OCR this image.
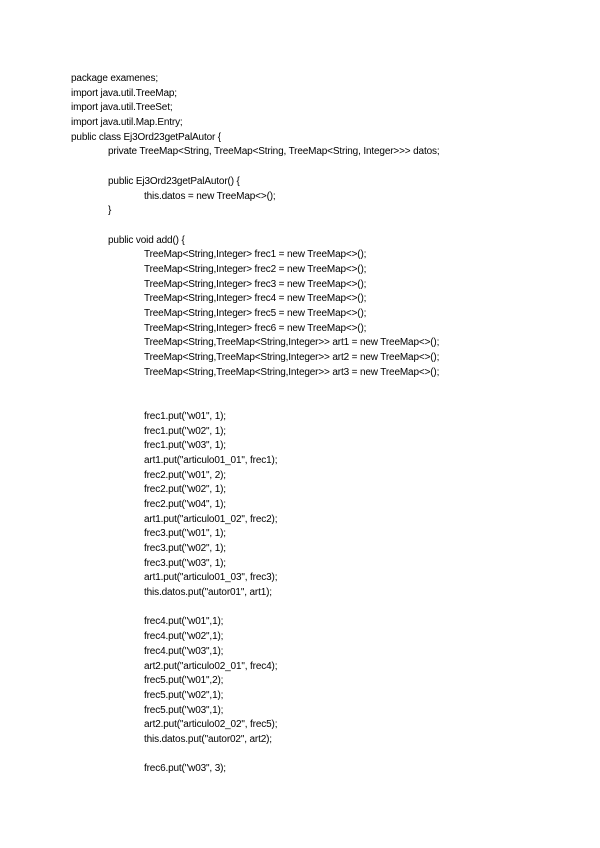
package examenes;
import java.util.TreeMap;
import java.util.TreeSet;
import java.util.Map.Entry;
public class Ej3Ord23getPalAutor {
private TreeMap<String, TreeMap<String, TreeMap<String, Integer>>> datos;
public Ej3Ord23getPalAutor() {
this.datos = new TreeMap<>();
}
public void add() {
TreeMap<String,Integer> frec1 = new TreeMap<>();
TreeMap<String,Integer> frec2 = new TreeMap<>();
TreeMap<String,Integer> frec3 = new TreeMap<>();
TreeMap<String,Integer> frec4 = new TreeMap<>();
TreeMap<String,Integer> frec5 = new TreeMap<>();
TreeMap<String,Integer> frec6 = new TreeMap<>();
TreeMap<String,TreeMap<String,Integer>> art1 = new TreeMap<>();
TreeMap<String,TreeMap<String,Integer>> art2 = new TreeMap<>();
TreeMap<String,TreeMap<String,Integer>> art3 = new TreeMap<>();
frec1.put("w01", 1);
frec1.put("w02", 1);
frec1.put("w03", 1);
art1.put("articulo01_01", frec1);
frec2.put("w01", 2);
frec2.put("w02", 1);
frec2.put("w04", 1);
art1.put("articulo01_02", frec2);
frec3.put("w01", 1);
frec3.put("w02", 1);
frec3.put("w03", 1);
art1.put("articulo01_03", frec3);
this.datos.put("autor01", art1);
frec4.put("w01",1);
frec4.put("w02",1);
frec4.put("w03",1);
art2.put("articulo02_01", frec4);
frec5.put("w01",2);
frec5.put("w02",1);
frec5.put("w03",1);
art2.put("articulo02_02", frec5);
this.datos.put("autor02", art2);
frec6.put("w03", 3);
